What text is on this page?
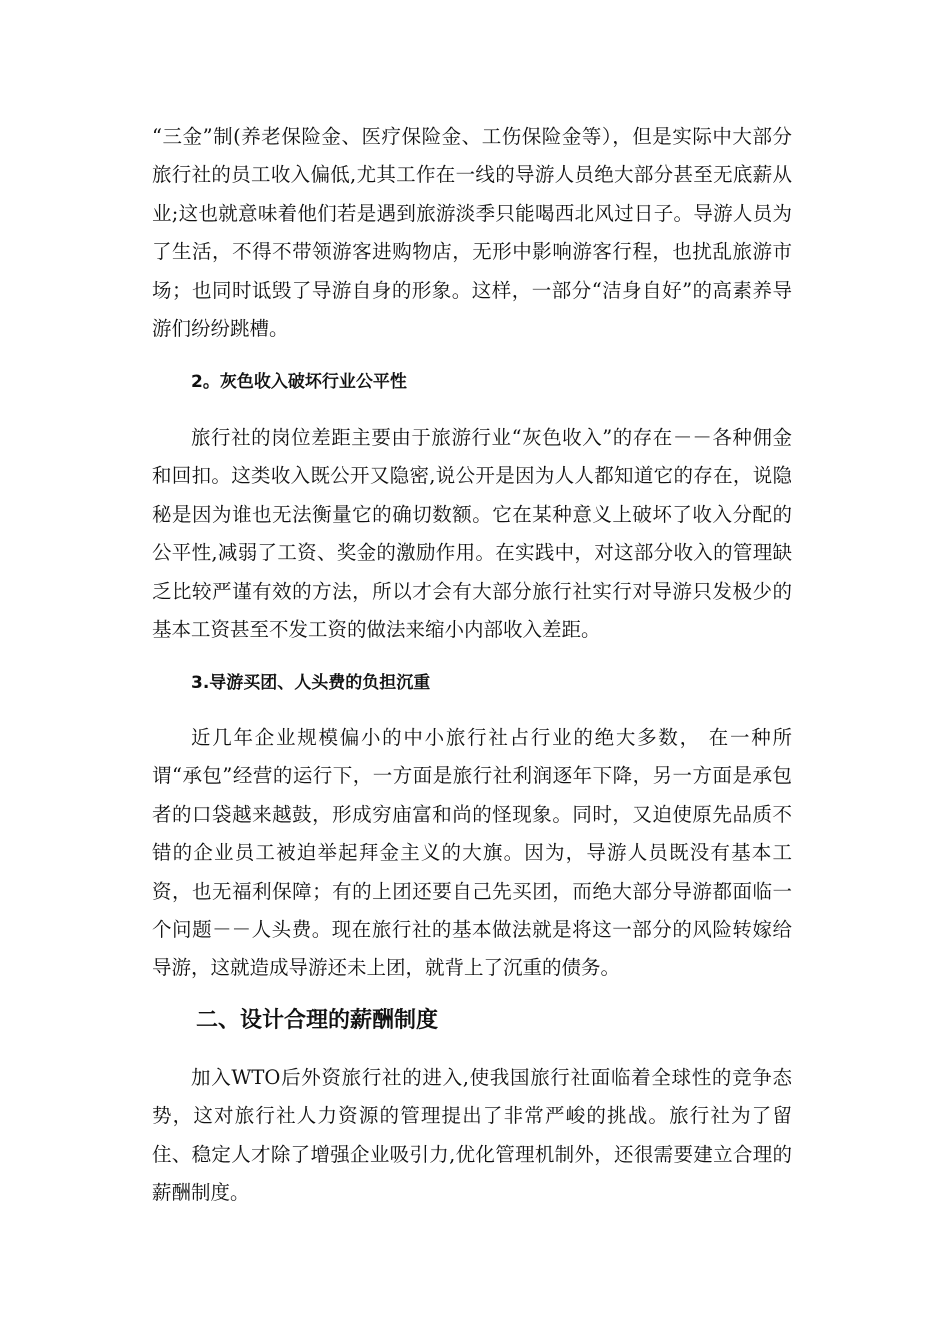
“三金”制(养老保险金、医疗保险金、工伤保险金等），但是实际中大部分旅行社的员工收入偏低,尤其工作在一线的导游人员绝大部分甚至无底薪从业;这也就意味着他们若是遇到旅游淡季只能喝西北风过日子。导游人员为了生活，不得不带领游客进购物店，无形中影响游客行程，也扰乱旅游市场；也同时诋毁了导游自身的形象。这样，一部分“洁身自好”的高素养导游们纷纷跳槽。

2。灰色收入破坏行业公平性

旅行社的岗位差距主要由于旅游行业“灰色收入”的存在－－各种佣金和回扣。这类收入既公开又隐密,说公开是因为人人都知道它的存在，说隐秘是因为谁也无法衡量它的确切数额。它在某种意义上破坏了收入分配的公平性,减弱了工资、奖金的激励作用。在实践中，对这部分收入的管理缺乏比较严谨有效的方法，所以才会有大部分旅行社实行对导游只发极少的基本工资甚至不发工资的做法来缩小内部收入差距。

3.导游买团、人头费的负担沉重

近几年企业规模偏小的中小旅行社占行业的绝大多数， 在一种所谓“承包”经营的运行下，一方面是旅行社利润逐年下降，另一方面是承包者的口袋越来越鼓，形成穷庙富和尚的怪现象。同时，又迫使原先品质不错的企业员工被迫举起拜金主义的大旗。因为，导游人员既没有基本工资，也无福利保障；有的上团还要自己先买团，而绝大部分导游都面临一个问题－－人头费。现在旅行社的基本做法就是将这一部分的风险转嫁给导游，这就造成导游还未上团，就背上了沉重的债务。

二、设计合理的薪酬制度

加入WTO后外资旅行社的进入,使我国旅行社面临着全球性的竞争态势，这对旅行社人力资源的管理提出了非常严峻的挑战。旅行社为了留住、稳定人才除了增强企业吸引力,优化管理机制外，还很需要建立合理的薪酬制度。
